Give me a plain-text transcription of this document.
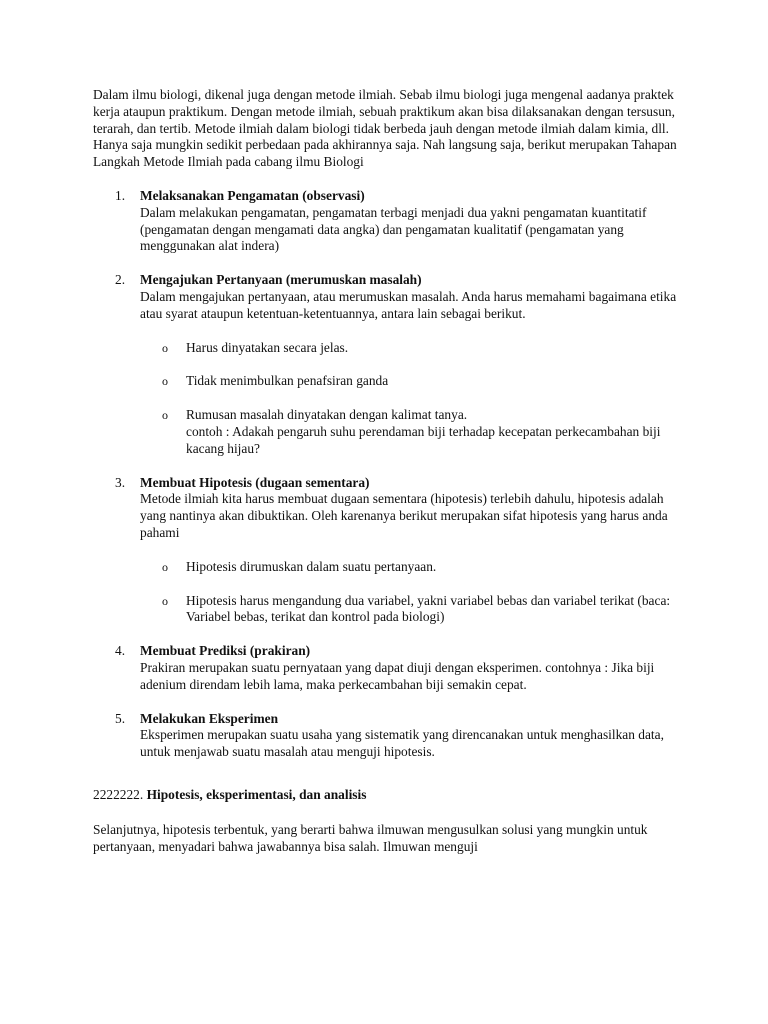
Dalam ilmu biologi, dikenal juga dengan metode ilmiah. Sebab ilmu biologi juga mengenal aadanya praktek kerja ataupun praktikum. Dengan metode ilmiah, sebuah praktikum akan bisa dilaksanakan dengan tersusun, terarah, dan tertib. Metode ilmiah dalam biologi tidak berbeda jauh dengan metode ilmiah dalam kimia, dll. Hanya saja mungkin sedikit perbedaan pada akhirannya saja. Nah langsung saja, berikut merupakan Tahapan Langkah Metode Ilmiah pada cabang ilmu Biologi

1. Melaksanakan Pengamatan (observasi)
Dalam melakukan pengamatan, pengamatan terbagi menjadi dua yakni pengamatan kuantitatif (pengamatan dengan mengamati data angka) dan pengamatan kualitatif (pengamatan yang menggunakan alat indera)
2. Mengajukan Pertanyaan (merumuskan masalah)
Dalam mengajukan pertanyaan, atau merumuskan masalah. Anda harus memahami bagaimana etika atau syarat ataupun ketentuan-ketentuannya, antara lain sebagai berikut.
o Harus dinyatakan secara jelas.
o Tidak menimbulkan penafsiran ganda
o Rumusan masalah dinyatakan dengan kalimat tanya.
contoh : Adakah pengaruh suhu perendaman biji terhadap kecepatan perkecambahan biji kacang hijau?
3. Membuat Hipotesis (dugaan sementara)
Metode ilmiah kita harus membuat dugaan sementara (hipotesis) terlebih dahulu, hipotesis adalah yang nantinya akan dibuktikan. Oleh karenanya berikut merupakan sifat hipotesis yang harus anda pahami
o Hipotesis dirumuskan dalam suatu pertanyaan.
o Hipotesis harus mengandung dua variabel, yakni variabel bebas dan variabel terikat (baca: Variabel bebas, terikat dan kontrol pada biologi)
4. Membuat Prediksi (prakiran)
Prakiran merupakan suatu pernyataan yang dapat diuji dengan eksperimen. contohnya : Jika biji adenium direndam lebih lama, maka perkecambahan biji semakin cepat.
5. Melakukan Eksperimen
Eksperimen merupakan suatu usaha yang sistematik yang direncanakan untuk menghasilkan data, untuk menjawab suatu masalah atau menguji hipotesis.

2222222. Hipotesis, eksperimentasi, dan analisis

Selanjutnya, hipotesis terbentuk, yang berarti bahwa ilmuwan mengusulkan solusi yang mungkin untuk pertanyaan, menyadari bahwa jawabannya bisa salah. Ilmuwan menguji
